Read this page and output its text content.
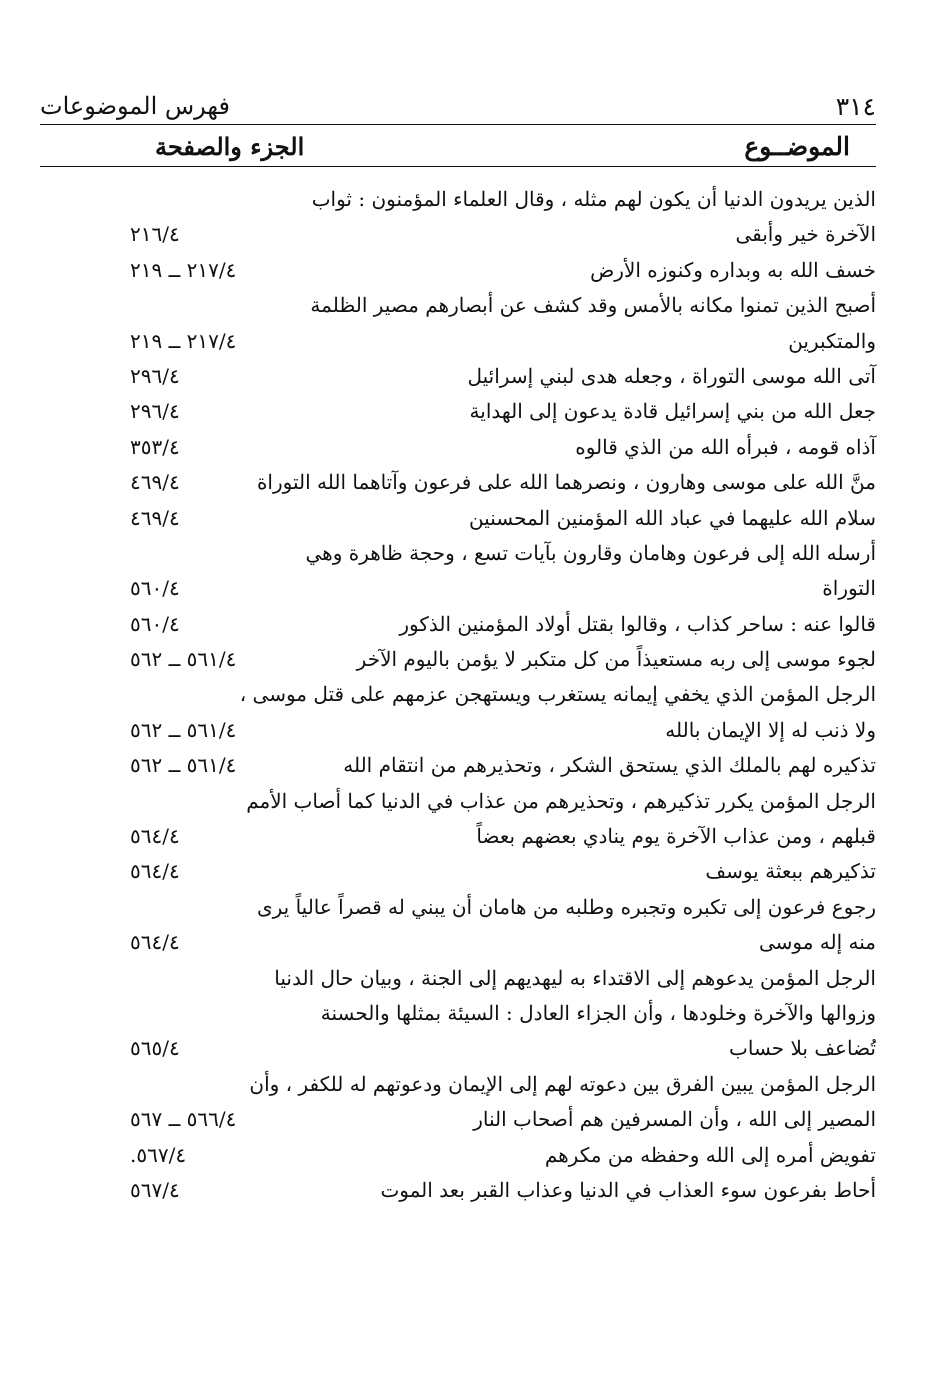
٣١٤
فهرس الموضوعات
الموضــوع
الجزء والصفحة
الذين يريدون الدنيا أن يكون لهم مثله ، وقال العلماء المؤمنون : ثواب
الآخرة خير وأبقى
٢١٦/٤
خسف الله به وبداره وكنوزه الأرض
٢١٧/٤ ــ ٢١٩
أصبح الذين تمنوا مكانه بالأمس وقد كشف عن أبصارهم مصير الظلمة
والمتكبرين
٢١٧/٤ ــ ٢١٩
آتى الله موسى التوراة ، وجعله هدى لبني إسرائيل
٢٩٦/٤
جعل الله من بني إسرائيل قادة يدعون إلى الهداية
٢٩٦/٤
آذاه قومه ، فبرأه الله من الذي قالوه
٣٥٣/٤
منَّ الله على موسى وهارون ، ونصرهما الله على فرعون وآتاهما الله التوراة
٤٦٩/٤
سلام الله عليهما في عباد الله المؤمنين المحسنين
٤٦٩/٤
أرسله الله إلى فرعون وهامان وقارون بآيات تسع ، وحجة ظاهرة وهي
التوراة
٥٦٠/٤
قالوا عنه : ساحر كذاب ، وقالوا بقتل أولاد المؤمنين الذكور
٥٦٠/٤
لجوء موسى إلى ربه مستعيذاً من كل متكبر لا يؤمن باليوم الآخر
٥٦١/٤ ــ ٥٦٢
الرجل المؤمن الذي يخفي إيمانه يستغرب ويستهجن عزمهم على قتل موسى ،
ولا ذنب له إلا الإيمان بالله
٥٦١/٤ ــ ٥٦٢
تذكيره لهم بالملك الذي يستحق الشكر ، وتحذيرهم من انتقام الله
٥٦١/٤ ــ ٥٦٢
الرجل المؤمن يكرر تذكيرهم ، وتحذيرهم من عذاب في الدنيا كما أصاب الأمم
قبلهم ، ومن عذاب الآخرة يوم ينادي بعضهم بعضاً
٥٦٤/٤
تذكيرهم ببعثة يوسف
٥٦٤/٤
رجوع فرعون إلى تكبره وتجبره وطلبه من هامان أن يبني له قصراً عالياً يرى
منه إله موسى
٥٦٤/٤
الرجل المؤمن يدعوهم إلى الاقتداء به ليهديهم إلى الجنة ، وبيان حال الدنيا
وزوالها والآخرة وخلودها ، وأن الجزاء العادل : السيئة بمثلها والحسنة
تُضاعف بلا حساب
٥٦٥/٤
الرجل المؤمن يبين الفرق بين دعوته لهم إلى الإيمان ودعوتهم له للكفر ، وأن
المصير إلى الله ، وأن المسرفين هم أصحاب النار
٥٦٦/٤ ــ ٥٦٧
تفويض أمره إلى الله وحفظه من مكرهم
٥٦٧/٤.
أحاط بفرعون سوء العذاب في الدنيا وعذاب القبر بعد الموت
٥٦٧/٤
